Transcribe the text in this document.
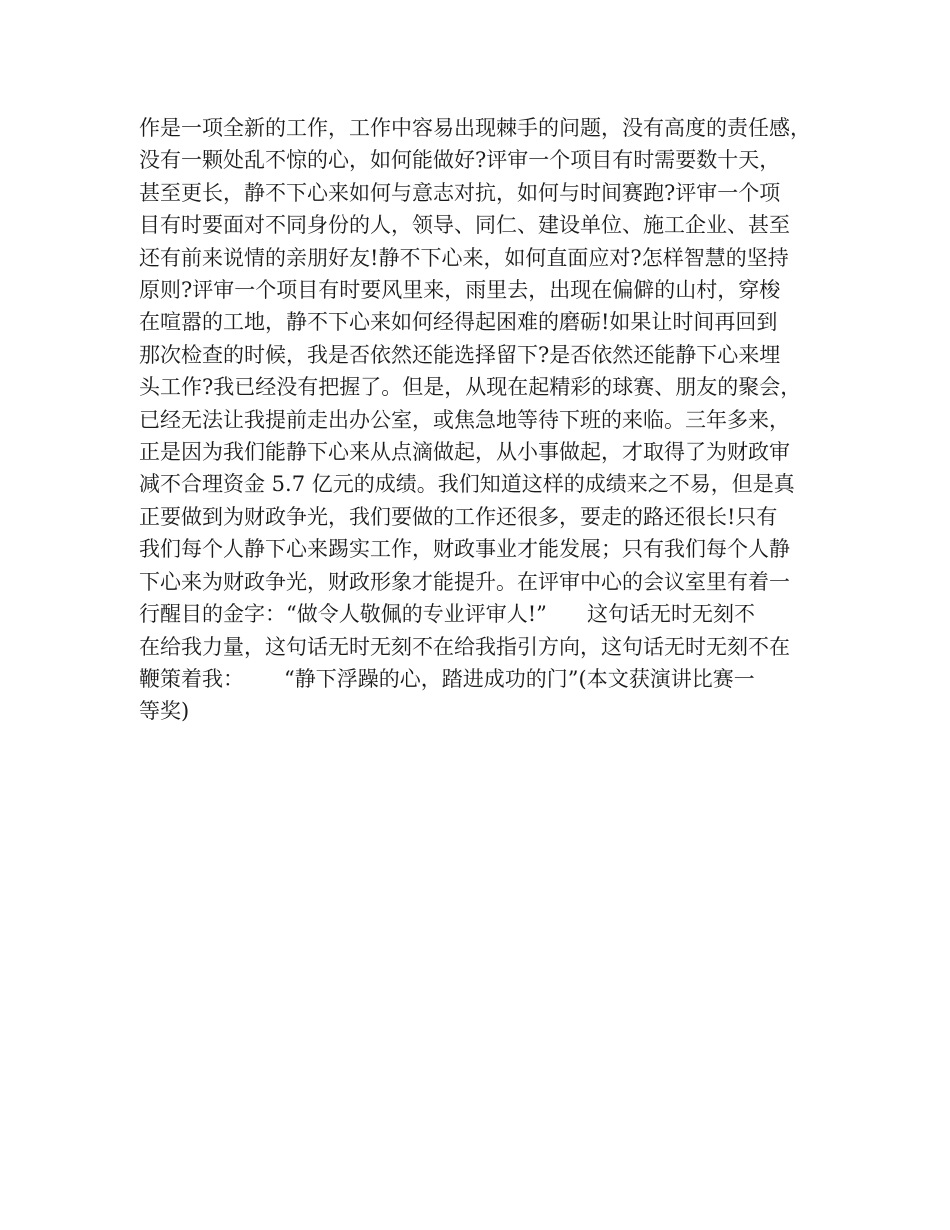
作是一项全新的工作，工作中容易出现棘手的问题，没有高度的责任感，
没有一颗处乱不惊的心，如何能做好?评审一个项目有时需要数十天，
甚至更长，静不下心来如何与意志对抗，如何与时间赛跑?评审一个项
目有时要面对不同身份的人，领导、同仁、建设单位、施工企业、甚至
还有前来说情的亲朋好友!静不下心来，如何直面应对?怎样智慧的坚持
原则?评审一个项目有时要风里来，雨里去，出现在偏僻的山村，穿梭
在喧嚣的工地，静不下心来如何经得起困难的磨砺!如果让时间再回到
那次检查的时候，我是否依然还能选择留下?是否依然还能静下心来埋
头工作?我已经没有把握了。但是，从现在起精彩的球赛、朋友的聚会，
已经无法让我提前走出办公室，或焦急地等待下班的来临。三年多来，
正是因为我们能静下心来从点滴做起，从小事做起，才取得了为财政审
减不合理资金 5.7 亿元的成绩。我们知道这样的成绩来之不易，但是真
正要做到为财政争光，我们要做的工作还很多，要走的路还很长!只有
我们每个人静下心来踢实工作，财政事业才能发展；只有我们每个人静
下心来为财政争光，财政形象才能提升。在评审中心的会议室里有着一
行醒目的金字：“做令人敬佩的专业评审人!”      这句话无时无刻不
在给我力量，这句话无时无刻不在给我指引方向，这句话无时无刻不在
鞭策着我：      “静下浮躁的心，踏进成功的门”(本文获演讲比赛一
等奖)
